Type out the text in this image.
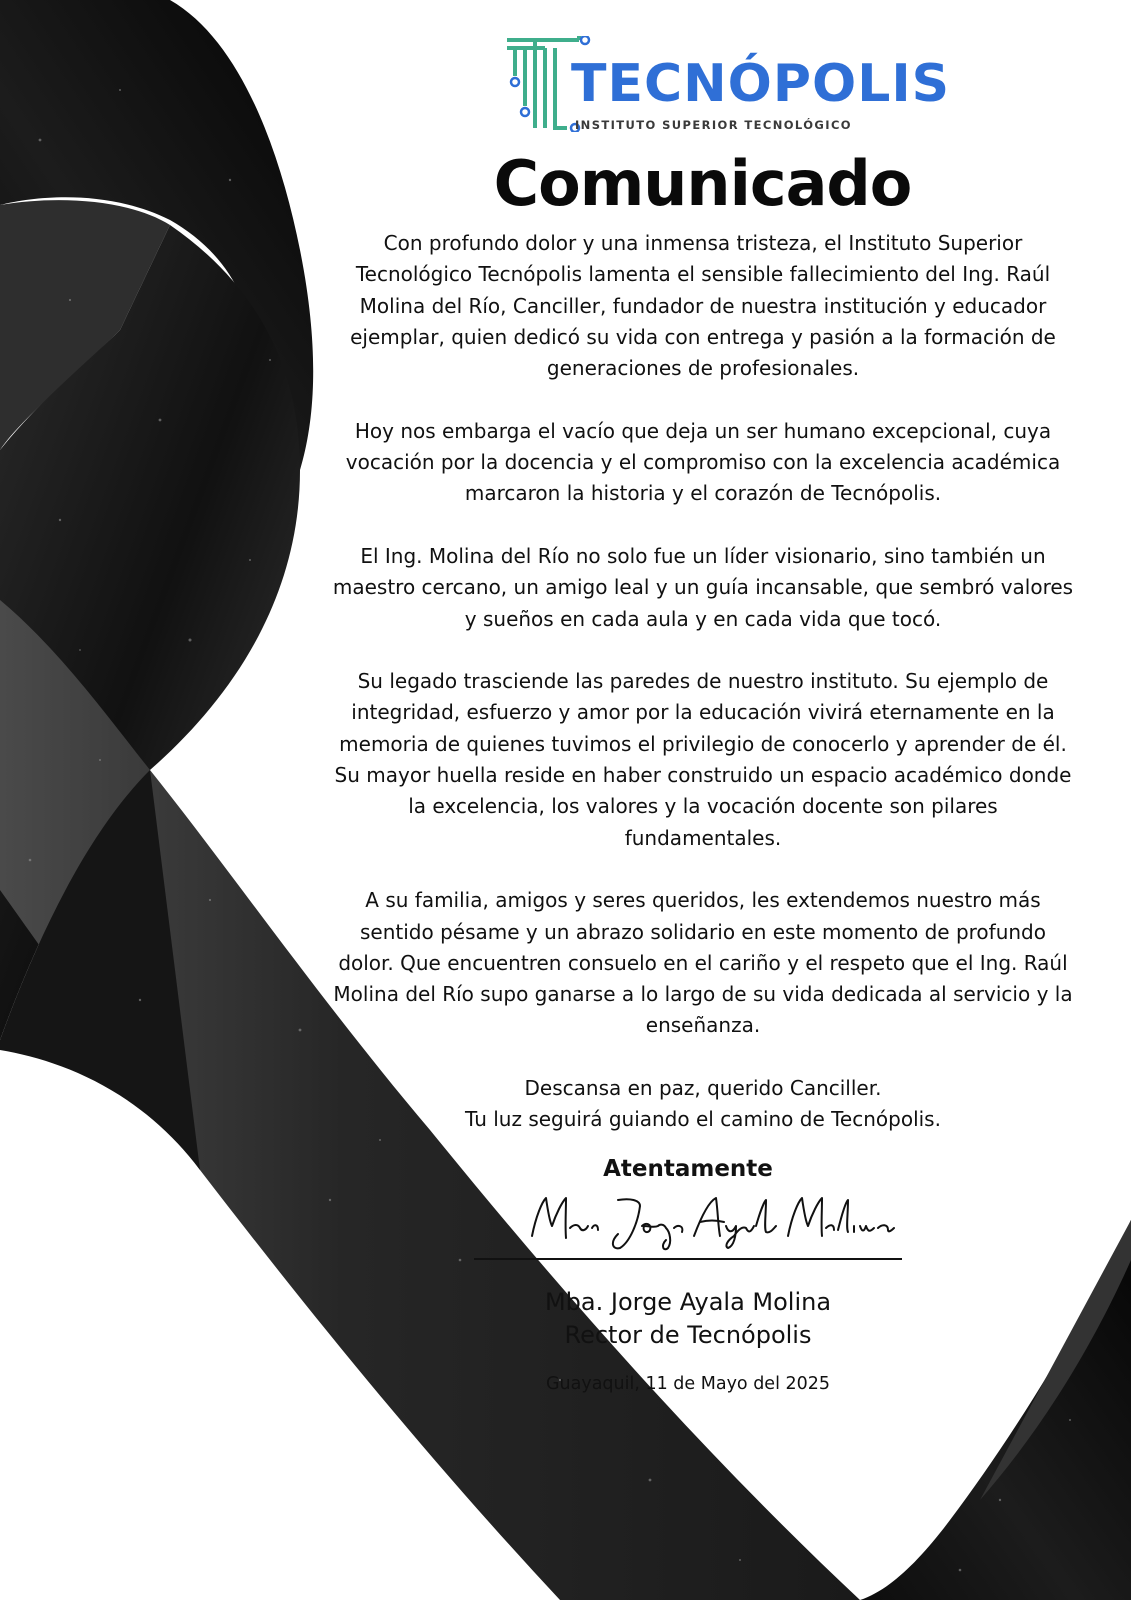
TECNÓPOLIS
INSTITUTO SUPERIOR TECNOLÓGICO
Comunicado

Con profundo dolor y una inmensa tristeza, el Instituto Superior
Tecnológico Tecnópolis lamenta el sensible fallecimiento del Ing. Raúl
Molina del Río, Canciller, fundador de nuestra institución y educador
ejemplar, quien dedicó su vida con entrega y pasión a la formación de
generaciones de profesionales.

Hoy nos embarga el vacío que deja un ser humano excepcional, cuya
vocación por la docencia y el compromiso con la excelencia académica
marcaron la historia y el corazón de Tecnópolis.

El Ing. Molina del Río no solo fue un líder visionario, sino también un
maestro cercano, un amigo leal y un guía incansable, que sembró valores
y sueños en cada aula y en cada vida que tocó.

Su legado trasciende las paredes de nuestro instituto. Su ejemplo de
integridad, esfuerzo y amor por la educación vivirá eternamente en la
memoria de quienes tuvimos el privilegio de conocerlo y aprender de él.
Su mayor huella reside en haber construido un espacio académico donde
la excelencia, los valores y la vocación docente son pilares
fundamentales.

A su familia, amigos y seres queridos, les extendemos nuestro más
sentido pésame y un abrazo solidario en este momento de profundo
dolor. Que encuentren consuelo en el cariño y el respeto que el Ing. Raúl
Molina del Río supo ganarse a lo largo de su vida dedicada al servicio y la
enseñanza.

Descansa en paz, querido Canciller.
Tu luz seguirá guiando el camino de Tecnópolis.

Atentamente
Mba. Jorge Ayala Molina
Rector de Tecnópolis
Guayaquil, 11 de Mayo del 2025
